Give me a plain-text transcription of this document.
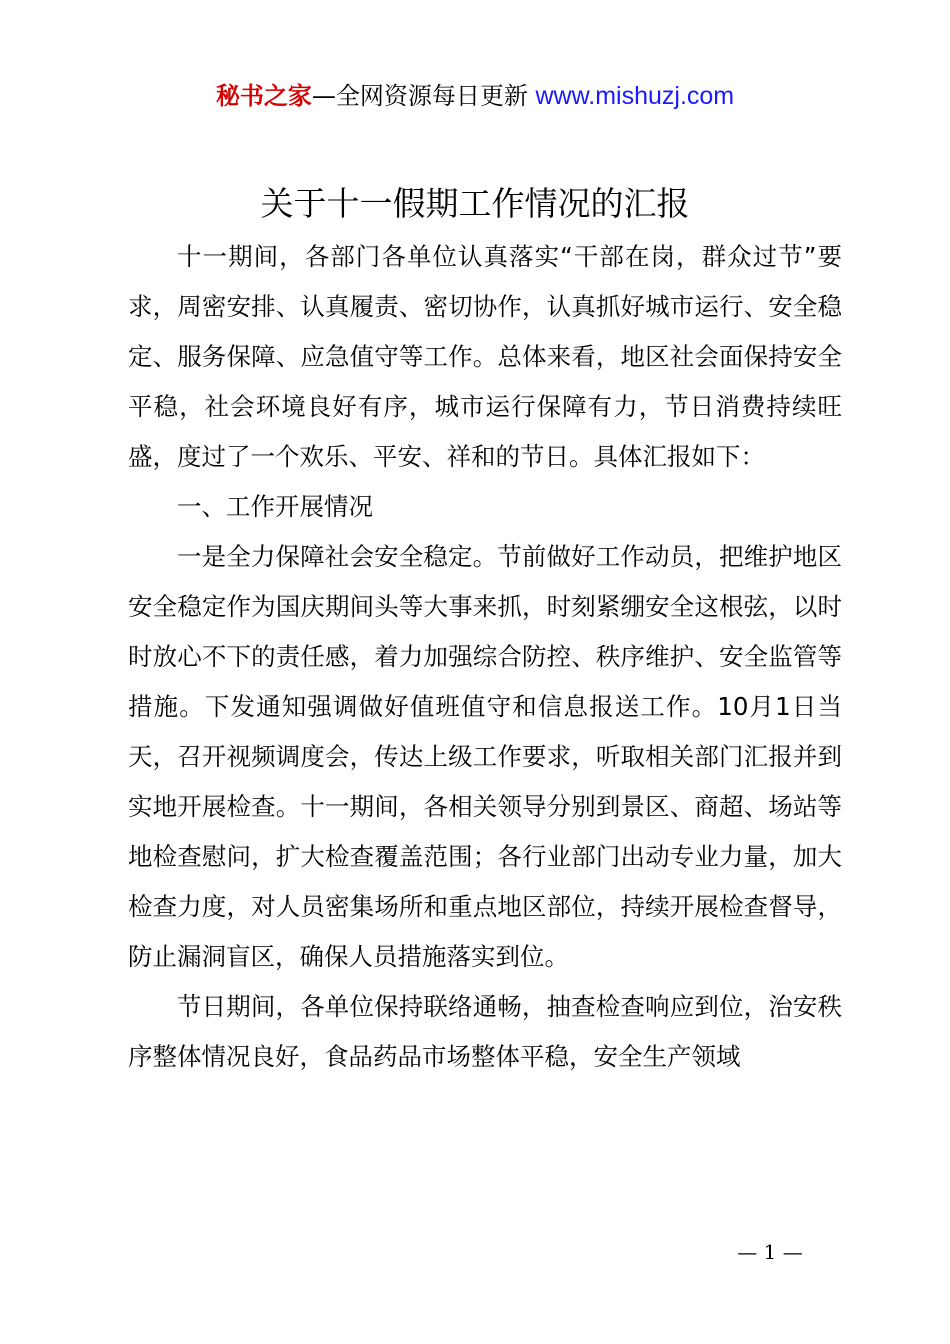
秘书之家—全网资源每日更新 www.mishuzj.com
关于十一假期工作情况的汇报

十一期间，各部门各单位认真落实“干部在岗，群众过节”要求，周密安排、认真履责、密切协作，认真抓好城市运行、安全稳定、服务保障、应急值守等工作。总体来看，地区社会面保持安全平稳，社会环境良好有序，城市运行保障有力，节日消费持续旺盛，度过了一个欢乐、平安、祥和的节日。具体汇报如下：

一、工作开展情况

一是全力保障社会安全稳定。节前做好工作动员，把维护地区安全稳定作为国庆期间头等大事来抓，时刻紧绷安全这根弦，以时时放心不下的责任感，着力加强综合防控、秩序维护、安全监管等措施。下发通知强调做好值班值守和信息报送工作。10月1日当天，召开视频调度会，传达上级工作要求，听取相关部门汇报并到实地开展检查。十一期间，各相关领导分别到景区、商超、场站等地检查慰问，扩大检查覆盖范围；各行业部门出动专业力量，加大检查力度，对人员密集场所和重点地区部位，持续开展检查督导，防止漏洞盲区，确保人员措施落实到位。

节日期间，各单位保持联络通畅，抽查检查响应到位，治安秩序整体情况良好，食品药品市场整体平稳，安全生产领域

— 1 —
